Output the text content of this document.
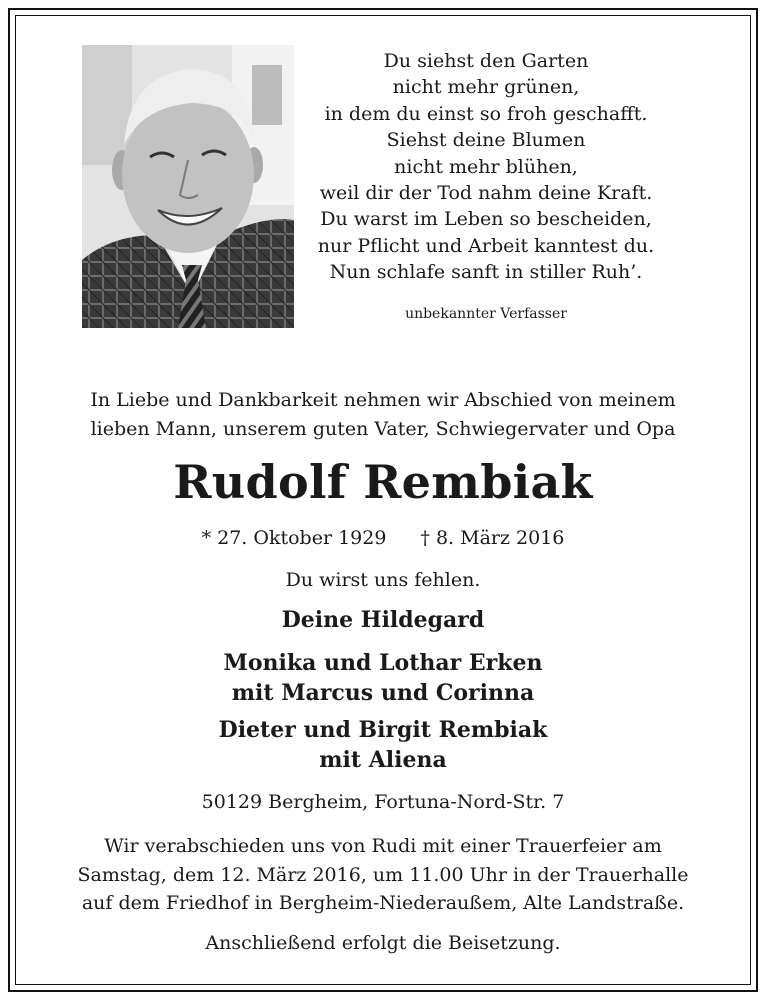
Du siehst den Garten
nicht mehr grünen,
in dem du einst so froh geschafft.
Siehst deine Blumen
nicht mehr blühen,
weil dir der Tod nahm deine Kraft.
Du warst im Leben so bescheiden,
nur Pflicht und Arbeit kanntest du.
Nun schlafe sanft in stiller Ruh’.
unbekannter Verfasser
In Liebe und Dankbarkeit nehmen wir Abschied von meinem
lieben Mann, unserem guten Vater, Schwiegervater und Opa
Rudolf Rembiak
* 27. Oktober 1929 † 8. März 2016
Du wirst uns fehlen.
Deine Hildegard
Monika und Lothar Erken
mit Marcus und Corinna
Dieter und Birgit Rembiak
mit Aliena
50129 Bergheim, Fortuna-Nord-Str. 7
Wir verabschieden uns von Rudi mit einer Trauerfeier am
Samstag, dem 12. März 2016, um 11.00 Uhr in der Trauerhalle
auf dem Friedhof in Bergheim-Niederaußem, Alte Landstraße.
Anschließend erfolgt die Beisetzung.
